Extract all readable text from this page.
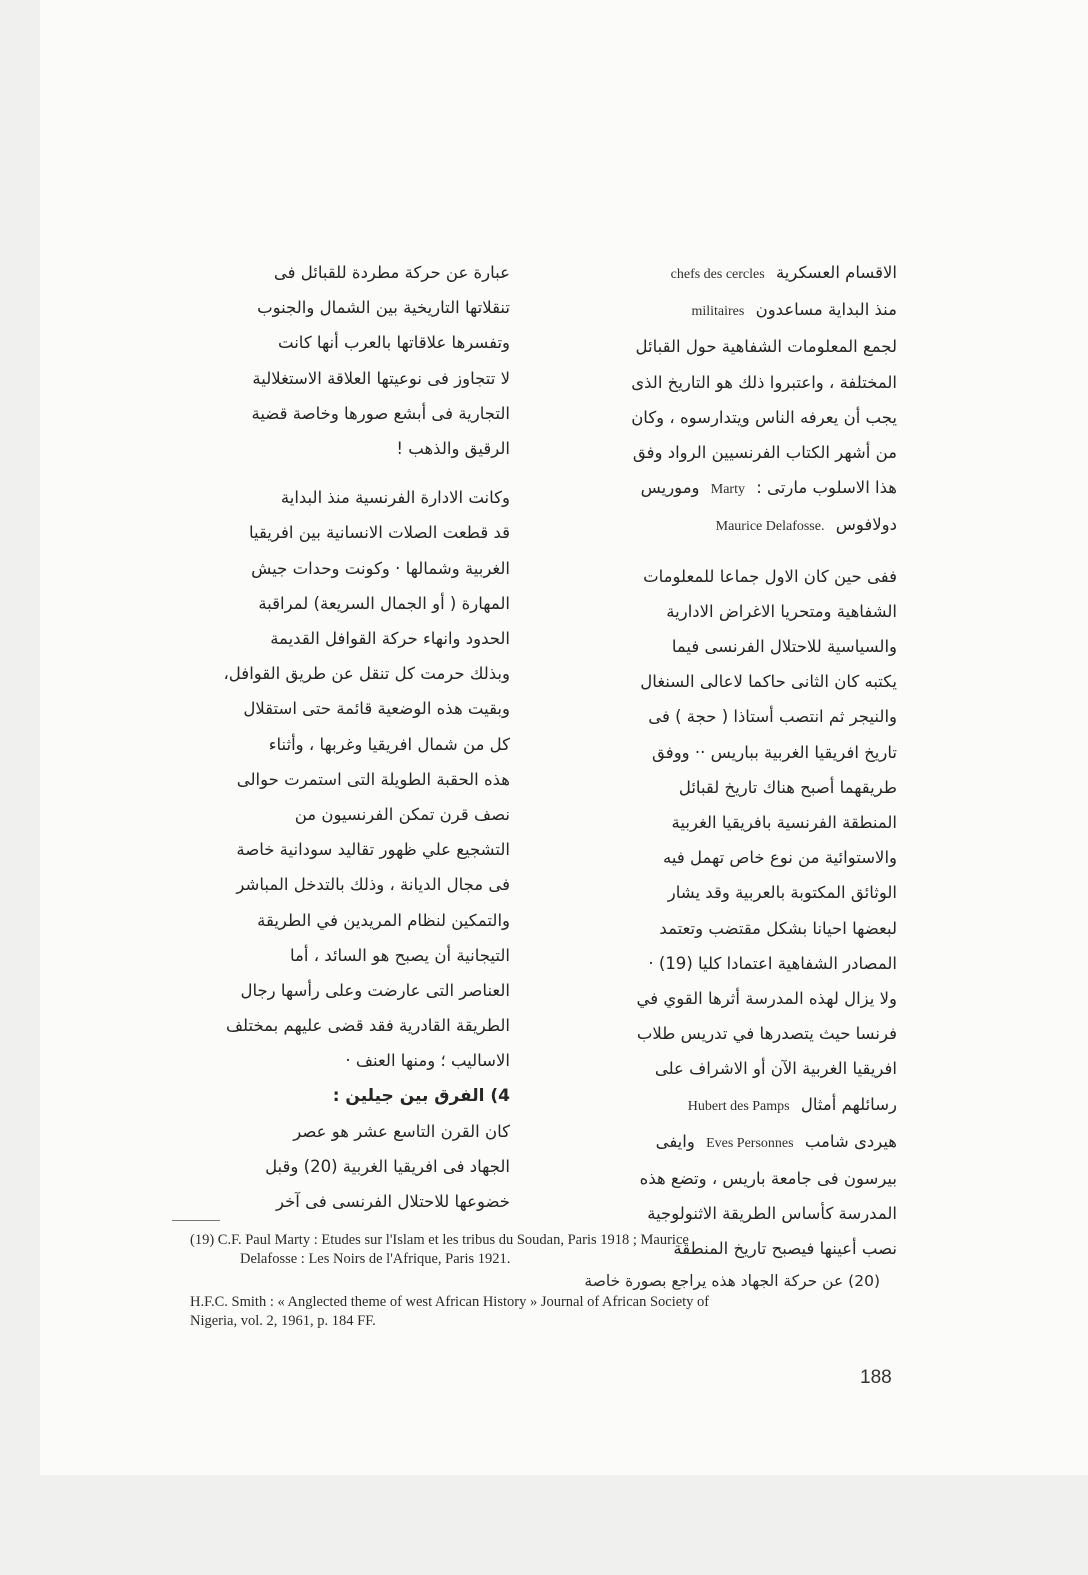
الاقسام العسكرية chefs des cercles

منذ البداية مساعدون militaires

لجمع المعلومات الشفاهية حول القبائل

المختلفة ، واعتبروا ذلك هو التاريخ الذى

يجب أن يعرفه الناس ويتدارسوه ، وكان

من أشهر الكتاب الفرنسيين الرواد وفق

هذا الاسلوب مارتى : Marty وموريس

دولافوس Maurice Delafosse.

ففى حين كان الاول جماعا للمعلومات

الشفاهية ومتحريا الاغراض الادارية

والسياسية للاحتلال الفرنسى فيما

يكتبه كان الثانى حاكما لاعالى السنغال

والنيجر ثم انتصب أستاذا ( حجة ) فى

تاريخ افريقيا الغربية بباريس ·· ووفق

طريقهما أصبح هناك تاريخ لقبائل

المنطقة الفرنسية بافريقيا الغربية

والاستوائية من نوع خاص تهمل فيه

الوثائق المكتوبة بالعربية وقد يشار

لبعضها احيانا بشكل مقتضب وتعتمد

المصادر الشفاهية اعتمادا كليا (19) ·

ولا يزال لهذه المدرسة أثرها القوي في

فرنسا حيث يتصدرها في تدريس طلاب

افريقيا الغربية الآن أو الاشراف على

رسائلهم أمثال Hubert des Pamps

هيردى شامب Eves Personnes وايفى

بيرسون فى جامعة باريس ، وتضع هذه

المدرسة كأساس الطريقة الاثنولوجية

نصب أعينها فيصبح تاريخ المنطقة

عبارة عن حركة مطردة للقبائل فى

تنقلاتها التاريخية بين الشمال والجنوب

وتفسرها علاقاتها بالعرب أنها كانت

لا تتجاوز فى نوعيتها العلاقة الاستغلالية

التجارية فى أبشع صورها وخاصة قضية

الرقيق والذهب !

وكانت الادارة الفرنسية منذ البداية

قد قطعت الصلات الانسانية بين افريقيا

الغربية وشمالها · وكونت وحدات جيش

المهارة ( أو الجمال السريعة) لمراقبة

الحدود وانهاء حركة القوافل القديمة

وبذلك حرمت كل تنقل عن طريق القوافل،

وبقيت هذه الوضعية قائمة حتى استقلال

كل من شمال افريقيا وغربها ، وأثناء

هذه الحقبة الطويلة التى استمرت حوالى

نصف قرن تمكن الفرنسيون من

التشجيع علي ظهور تقاليد سودانية خاصة

فى مجال الديانة ، وذلك بالتدخل المباشر

والتمكين لنظام المريدين في الطريقة

التيجانية أن يصبح هو السائد ، أما

العناصر التى عارضت وعلى رأسها رجال

الطريقة القادرية فقد قضى عليهم بمختلف

الاساليب ؛ ومنها العنف ·

4) الفرق بين جيلين :

كان القرن التاسع عشر هو عصر

الجهاد فى افريقيا الغربية (20) وقبل

خضوعها للاحتلال الفرنسى فى آخر

(19) C.F. Paul Marty : Etudes sur l'Islam et les tribus du Soudan, Paris 1918 ; Maurice

Delafosse : Les Noirs de l'Afrique, Paris 1921.

(20) عن حركة الجهاد هذه يراجع بصورة خاصة

H.F.C. Smith : « Anglected theme of west African History » Journal of African Society of

Nigeria, vol. 2, 1961, p. 184 FF.

188
